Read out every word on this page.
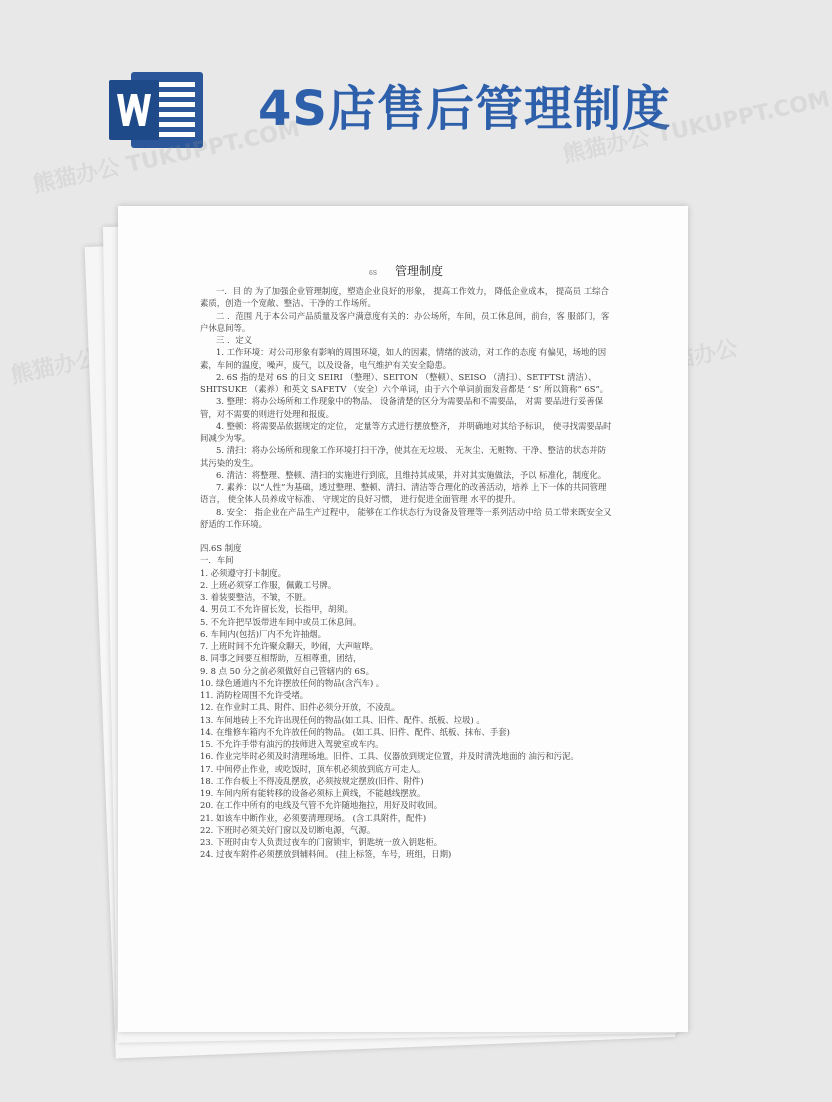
4S店售后管理制度
熊猫办公 TUKUPPT.COM	熊猫办公 TUKUPPT.COM
熊猫办公	熊猫办公
6S 管理制度

一．目 的 为了加强企业管理制度，塑造企业良好的形象， 提高工作效力， 降低企业成本， 提高员 工综合素质，创造一个宽敞、整洁、干净的工作场所。

二 ．范围 凡于本公司产品质量及客户满意度有关的：办公场所，车间，员工休息间，前台，客 服部门，客户休息间等。

三 ．定义

1. 工作环境：对公司形象有影响的周围环境，如人的因素，情绪的波动，对工作的态度 有偏见，场地的因素，车间的温度，噪声，废气，以及设备，电气维护有关安全隐患。

2. 6S 指的是对 6S 的日文 SEIRI （整理）、SEITON （整顿）、SEISO （清扫）、SETFTSt 清洁）、SHITSUKE （素养）和英文 SAFETV （安全）六个单词，由于六个单词前面发音都是 ‘ S’ 所以简称“ 6S”。

3. 整理：将办公场所和工作现象中的物品、 设备清楚的区分为需要品和不需要品， 对需 要品进行妥善保管，对不需要的则进行处理和报废。

4. 整顿：将需要品依据规定的定位， 定量等方式进行摆放整齐， 并明确地对其给予标识， 使寻找需要品时间减少为零。

5. 清扫：将办公场所和现象工作环境打扫干净，使其在无垃圾、 无灰尘、无赃物、干净、整洁的状态并防其污染的发生。

6. 清洁：将整理、整顿、清扫的实施进行到底，且维持其成果，并对其实施做法，予以 标准化，制度化。

7. 素养：以“人性”为基础，透过整理、整顿、清扫、清洁等合理化的改善活动，培养 上下一体的共同管理语言， 使全体人员养成守标准、 守规定的良好习惯， 进行促进全面管理 水平的提升。

8. 安全： 指企业在产品生产过程中， 能够在工作状态行为设备及管理等一系列活动中给 员工带来既安全又舒适的工作环境。

四.6S 制度

一．车间

1. 必须遵守打卡制度。

2. 上班必须穿工作服，佩戴工号牌。

3. 着装要整洁，不皱，不脏。

4. 男员工不允许留长发，长指甲，胡须。

5. 不允许把早饭带进车间中或员工休息间。

6. 车间内(包括)厂内不允许抽烟。

7. 上班时间不允许聚众聊天，吵闹，大声喧哗。

8. 同事之间要互相帮助，互相尊重，团结，

9. 8 点 50 分之前必须做好自己管辖内的 6S。

10. 绿色通道内不允许摆放任何的物品(含汽车) 。

11. 消防栓周围不允许受堵。

12. 在作业时工具、附件、旧件必须分开放，不凌乱。

13. 车间地砖上不允许出现任何的物品(如工具、旧件、配件、纸板、垃圾) 。

14. 在维修车箱内不允许放任何的物品。 (如工具、旧件、配件、纸板、抹布、手套)

15. 不允许手带有油污的技师进入驾驶室或车内。

16. 作业完毕时必须及时清理场地。旧件、工具、仪器放到规定位置，并及时清洗地面的 油污和污泥。

17. 中间停止作业，或吃饭时，顶车机必须放到底方可走人。

18. 工作台板上不得凌乱摆放，必须按规定摆放(旧件、附件)

19. 车间内所有能转移的设备必须标上黄线，不能越线摆放。

20. 在工作中所有的电线及气管不允许随地拖拉，用好及时收回。

21. 如该车中断作业，必须要清理现场。 (含工具附件，配件)

22. 下班时必须关好门窗以及切断电源，气源。

23. 下班时由专人负责过夜车的门窗锁牢，钥匙统一放入钥匙柜。

24. 过夜车附件必须摆放到辅料间。 (挂上标签，车号，班组，日期)
